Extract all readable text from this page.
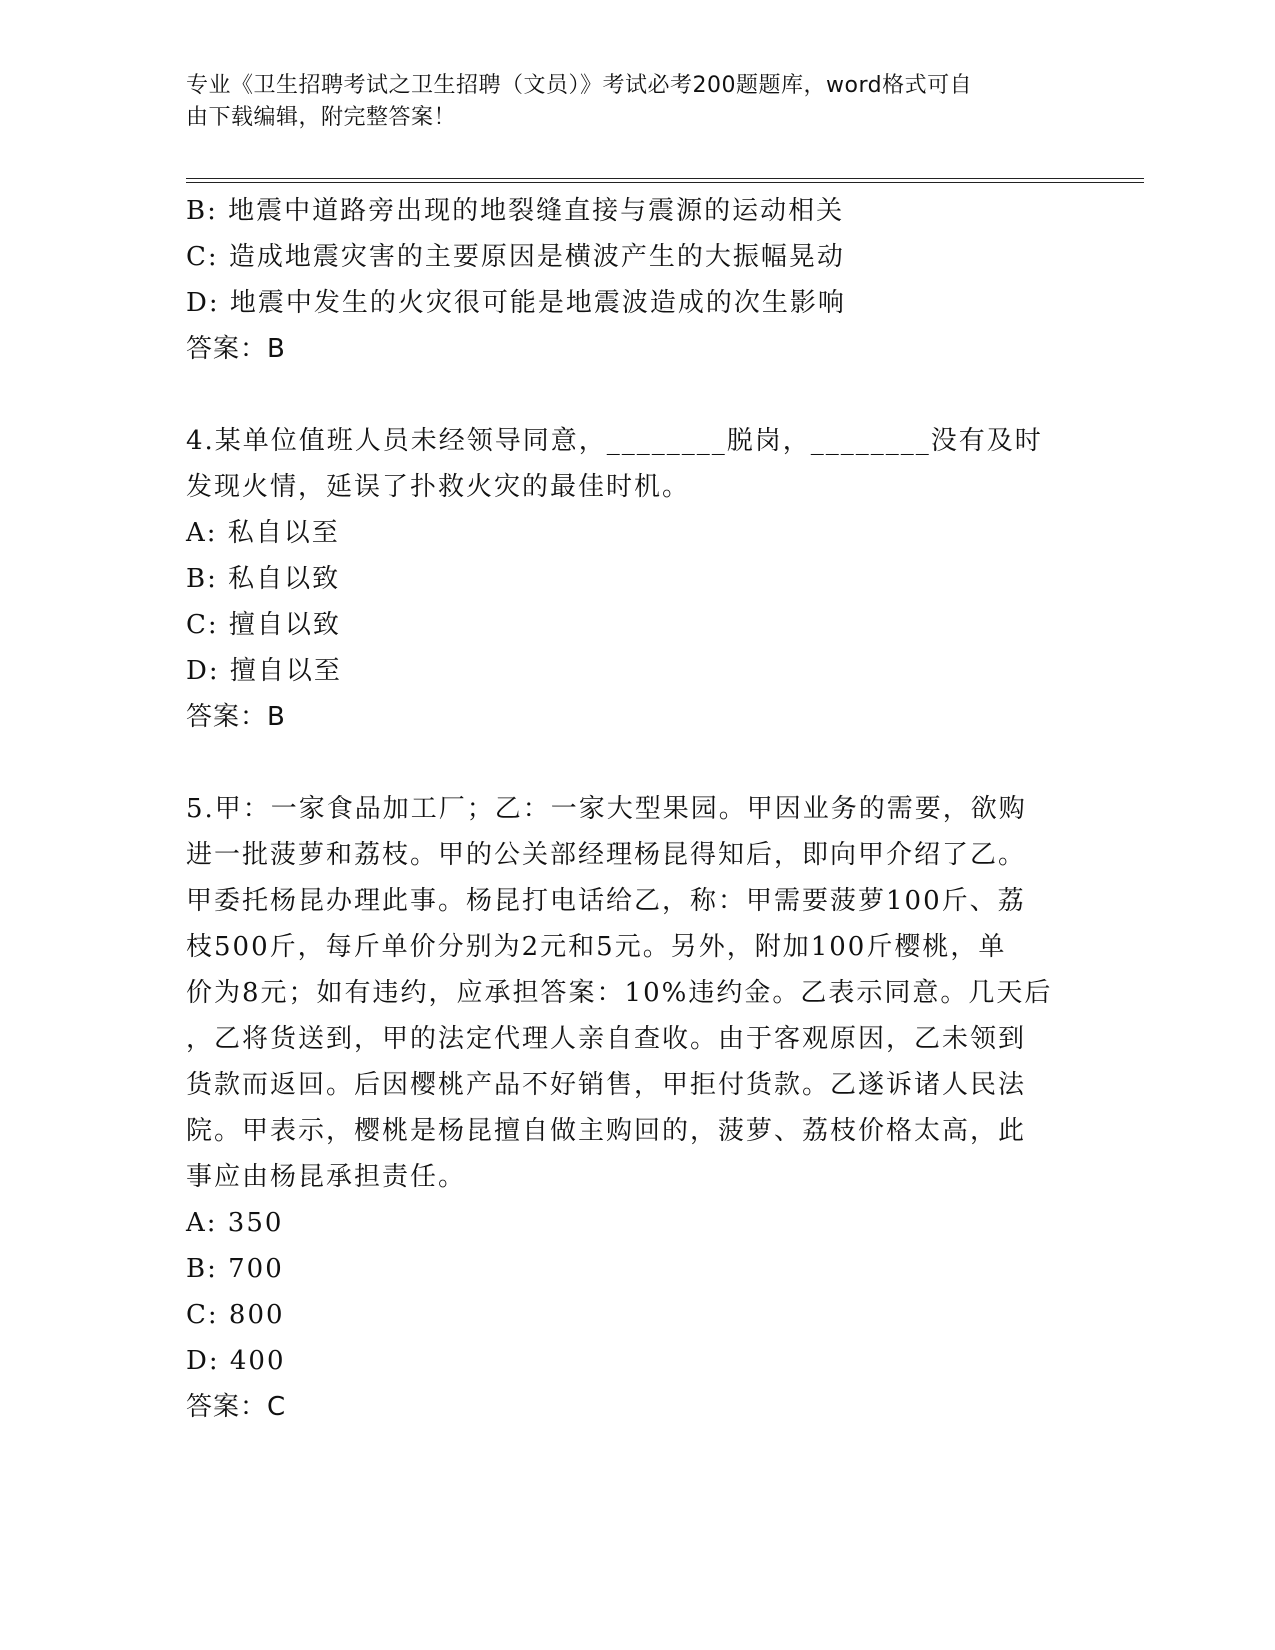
专业《卫生招聘考试之卫生招聘（文员）》考试必考200题题库，word格式可自
由下载编辑，附完整答案！
B: 地震中道路旁出现的地裂缝直接与震源的运动相关
C: 造成地震灾害的主要原因是横波产生的大振幅晃动
D: 地震中发生的火灾很可能是地震波造成的次生影响
答案：B
4.某单位值班人员未经领导同意，________脱岗，________没有及时
发现火情，延误了扑救火灾的最佳时机。
A: 私自以至
B: 私自以致
C: 擅自以致
D: 擅自以至
答案：B
5.甲：一家食品加工厂；乙：一家大型果园。甲因业务的需要，欲购
进一批菠萝和荔枝。甲的公关部经理杨昆得知后，即向甲介绍了乙。
甲委托杨昆办理此事。杨昆打电话给乙，称：甲需要菠萝100斤、荔
枝500斤，每斤单价分别为2元和5元。另外，附加100斤樱桃，单
价为8元；如有违约，应承担答案：10%违约金。乙表示同意。几天后
，乙将货送到，甲的法定代理人亲自查收。由于客观原因，乙未领到
货款而返回。后因樱桃产品不好销售，甲拒付货款。乙遂诉诸人民法
院。甲表示，樱桃是杨昆擅自做主购回的，菠萝、荔枝价格太高，此
事应由杨昆承担责任。
A: 350
B: 700
C: 800
D: 400
答案：C
